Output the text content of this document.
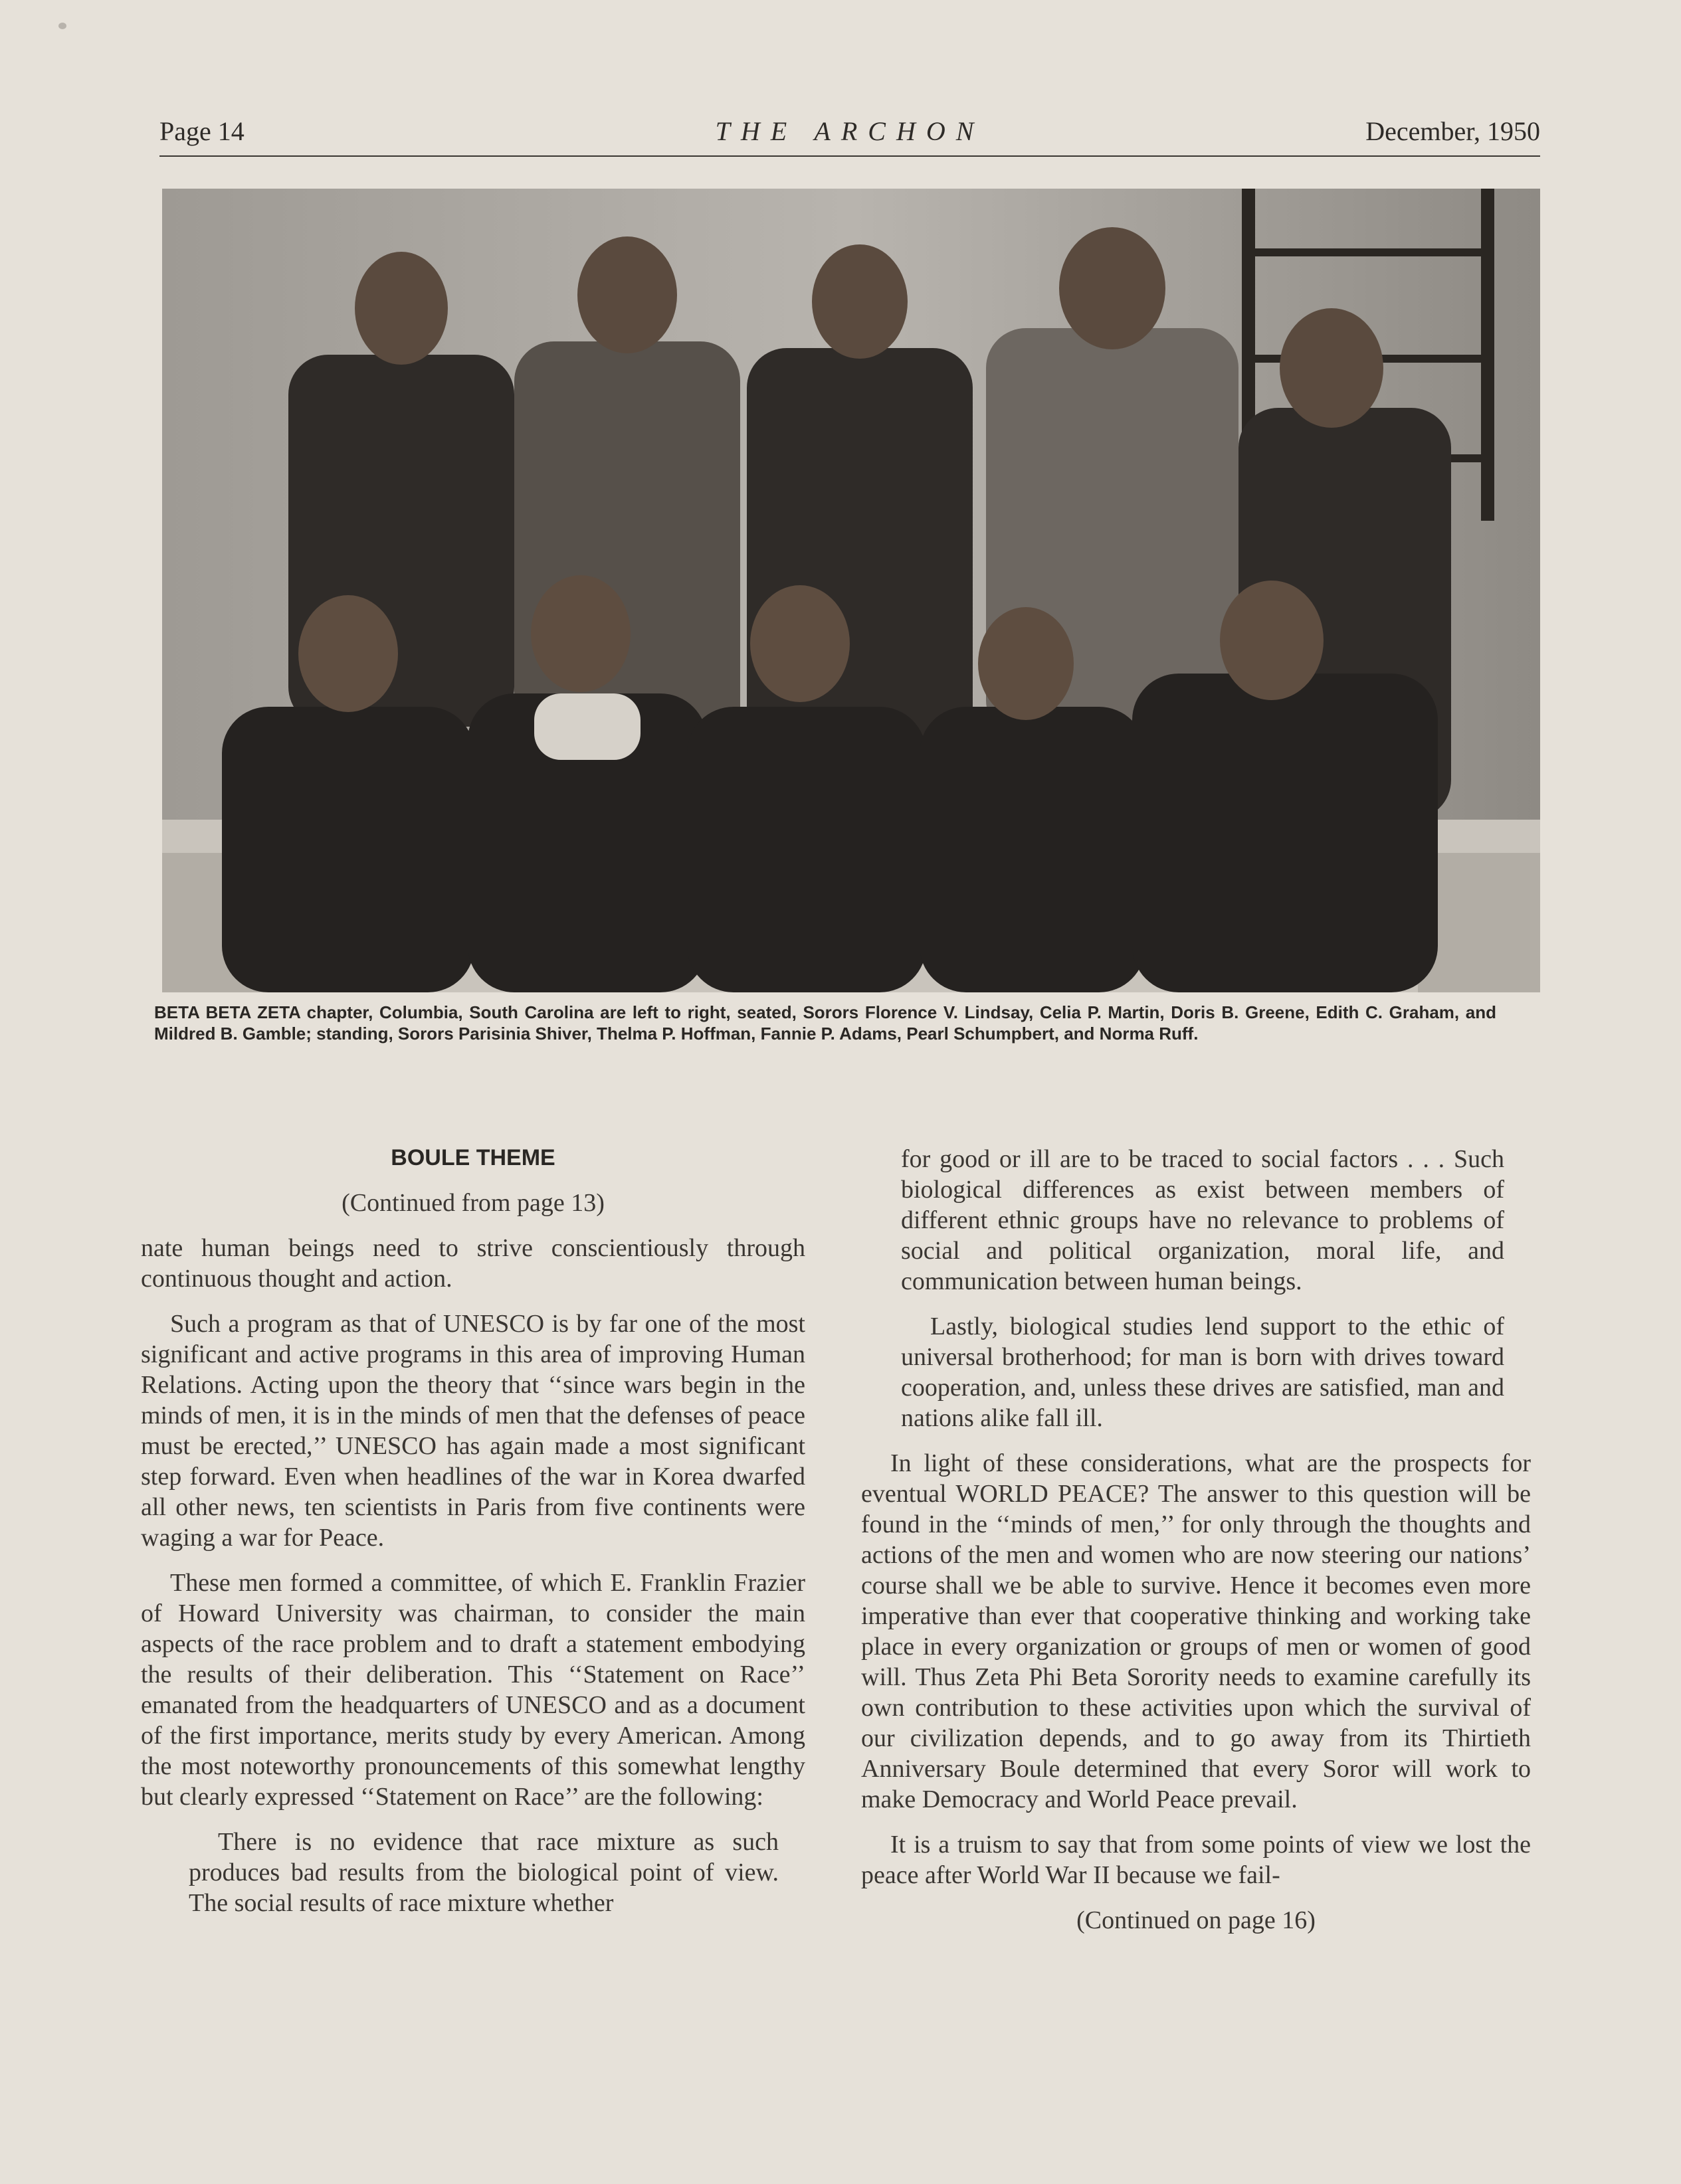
Page 14	THE ARCHON	December, 1950
BETA BETA ZETA chapter, Columbia, South Carolina are left to right, seated, Sorors Florence V. Lindsay, Celia P. Martin, Doris B. Greene, Edith C. Graham, and Mildred B. Gamble; standing, Sorors Parisinia Shiver, Thelma P. Hoffman, Fannie P. Adams, Pearl Schumpbert, and Norma Ruff.
BOULE THEME
(Continued from page 13)

nate human beings need to strive conscientiously through continuous thought and action.

Such a program as that of UNESCO is by far one of the most significant and active programs in this area of improving Human Relations. Acting upon the theory that ‘‘since wars begin in the minds of men, it is in the minds of men that the defenses of peace must be erected,’’ UNESCO has again made a most significant step forward. Even when headlines of the war in Korea dwarfed all other news, ten scientists in Paris from five continents were waging a war for Peace.

These men formed a committee, of which E. Franklin Frazier of Howard University was chairman, to consider the main aspects of the race problem and to draft a statement embodying the results of their deliberation. This ‘‘Statement on Race’’ emanated from the headquarters of UNESCO and as a document of the first importance, merits study by every American. Among the most noteworthy pronouncements of this somewhat lengthy but clearly expressed ‘‘Statement on Race’’ are the following:

There is no evidence that race mixture as such produces bad results from the biological point of view. The social results of race mixture whether

for good or ill are to be traced to social factors . . . Such biological differences as exist between members of different ethnic groups have no relevance to problems of social and political organization, moral life, and communication between human beings.

Lastly, biological studies lend support to the ethic of universal brotherhood; for man is born with drives toward cooperation, and, unless these drives are satisfied, man and nations alike fall ill.

In light of these considerations, what are the prospects for eventual WORLD PEACE? The answer to this question will be found in the ‘‘minds of men,’’ for only through the thoughts and actions of the men and women who are now steering our nations’ course shall we be able to survive. Hence it becomes even more imperative than ever that cooperative thinking and working take place in every organization or groups of men or women of good will. Thus Zeta Phi Beta Sorority needs to examine carefully its own contribution to these activities upon which the survival of our civilization depends, and to go away from its Thirtieth Anniversary Boule determined that every Soror will work to make Democracy and World Peace prevail.

It is a truism to say that from some points of view we lost the peace after World War II because we fail-

(Continued on page 16)
